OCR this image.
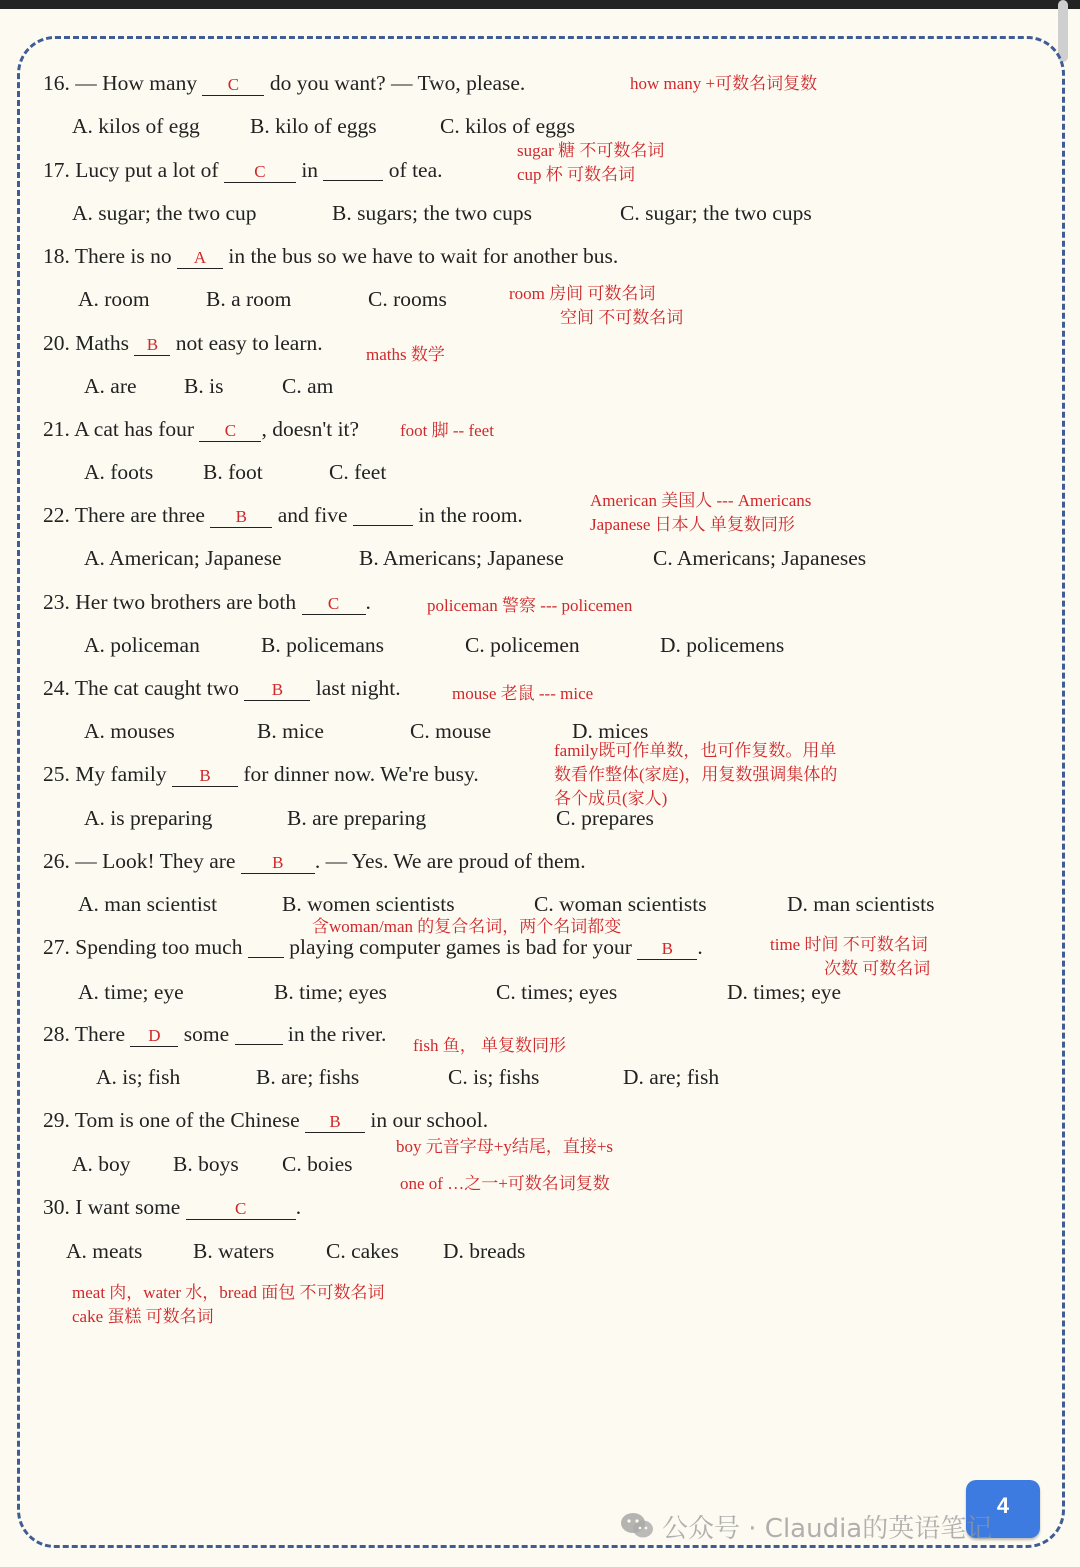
16. — How many C do you want? — Two, please.
A. kilos of egg B. kilo of eggs	C. kilos of eggs
how many +可数名词复数
17. Lucy put a lot of C in	of tea.
A. sugar; the two cup	B. sugars; the two cups	C. sugar; the two cups
sugar 糖 不可数名词
cup 杯 可数名词
18. There is no A in the bus so we have to wait for another bus.
A. room	B. a room	C. rooms	room 房间 可数名词
空间 不可数名词
20. Maths B not easy to learn.
A. are B. is	C. am
maths 数学
21. A cat has four C , doesn't it?
A. foots B. foot	C. feet
foot 脚 -- feet
22. There are three B and five	in the room.
A. American; Japanese	B. Americans; Japanese	C. Americans; Japaneses
American 美国人 --- Americans
Japanese 日本人 单复数同形
23. Her two brothers are both C .
A. policeman	B. policemans	C. policemen	D. policemens
policeman 警察 --- policemen
24. The cat caught two B last night.
A. mouses	B. mice	C. mouse	D. mices
mouse 老鼠 --- mice
25. My family B for dinner now. We're busy.
A. is preparing	B. are preparing	C. prepares
family既可作单数，也可作复数。用单
数看作整体(家庭)，用复数强调集体的
各个成员(家人)
26. — Look! They are B . — Yes. We are proud of them.
A. man scientist	B. women scientists	C. woman scientists	D. man scientists
含woman/man 的复合名词，两个名词都变
27. Spending too much   playing computer games is bad for your B .
A. time; eye	B. time; eyes	C. times; eyes	D. times; eye
time 时间 不可数名词
次数 可数名词
28. There D some   in the river.
A. is; fish	B. are; fishs	C. is; fishs	D. are; fish
fish 鱼， 单复数同形
29. Tom is one of the Chinese B in our school.
A. boy B. boys C. boies
boy 元音字母+y结尾，直接+s
one of …之一+可数名词复数
30. I want some	C .
A. meats B. waters C. cakes D. breads
meat 肉，water 水，bread 面包 不可数名词
cake 蛋糕 可数名词
4
公众号 · Claudia的英语笔记
